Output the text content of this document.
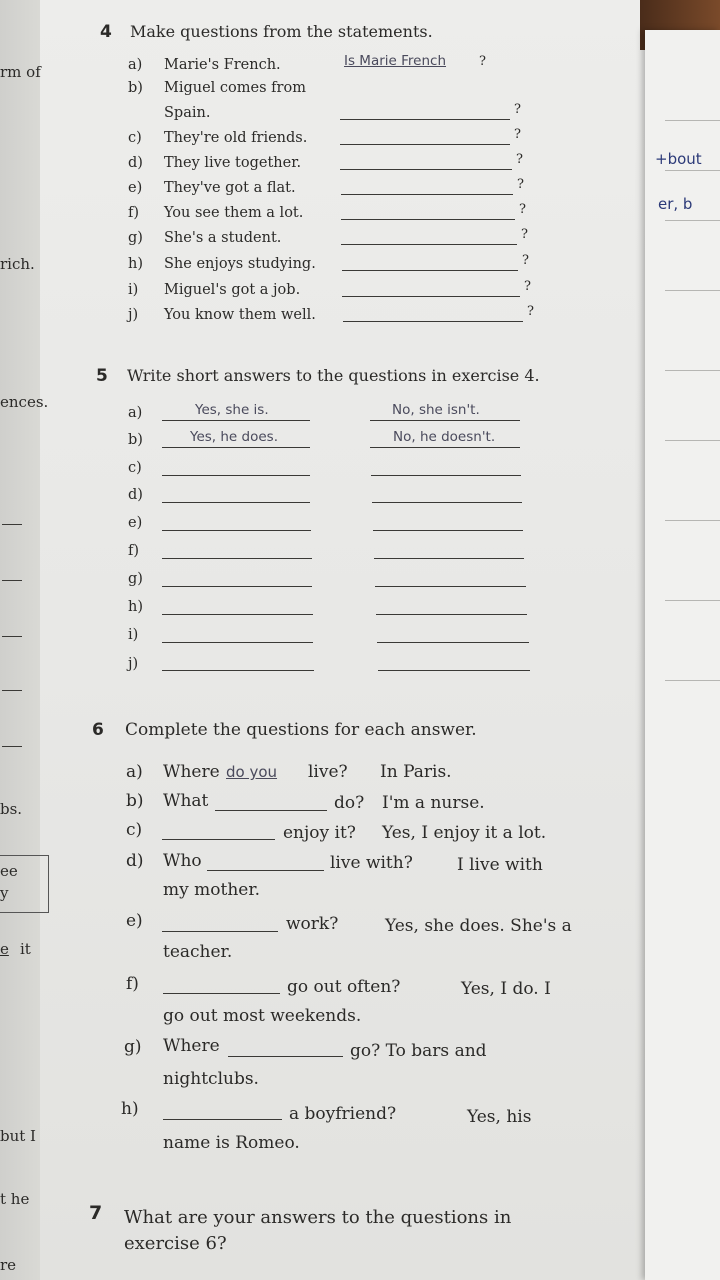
+bout
er, b
rm of
rich.
ences.
bs.
ee
y
e it
but I
t he
re
4 Make questions from the statements.
a) Marie's French.	Is Marie French	?
b) Miguel comes from
Spain.	?
c) They're old friends.	?
d) They live together.	?
e) They've got a flat.	?
f) You see them a lot.	?
g) She's a student.	?
h) She enjoys studying.	?
i) Miguel's got a job.	?
j) You know them well.	?
5 Write short answers to the questions in exercise 4.
a)	Yes, she is.	No, she isn't.
b)	Yes, he does.	No, he doesn't.
c)
d)
e)
f)
g)
h)
i)
j)
6 Complete the questions for each answer.
a) Where do you live? In Paris.
b) What	do? I'm a nurse.
c)	enjoy it? Yes, I enjoy it a lot.
d) Who	live with?	I live with
my mother.
e)	work?	Yes, she does. She's a
teacher.
f)	go out often?	Yes, I do. I
go out most weekends.
g) Where	go? To bars and
nightclubs.
h)	a boyfriend?	Yes, his
name is Romeo.
7 What are your answers to the questions in
exercise 6?
